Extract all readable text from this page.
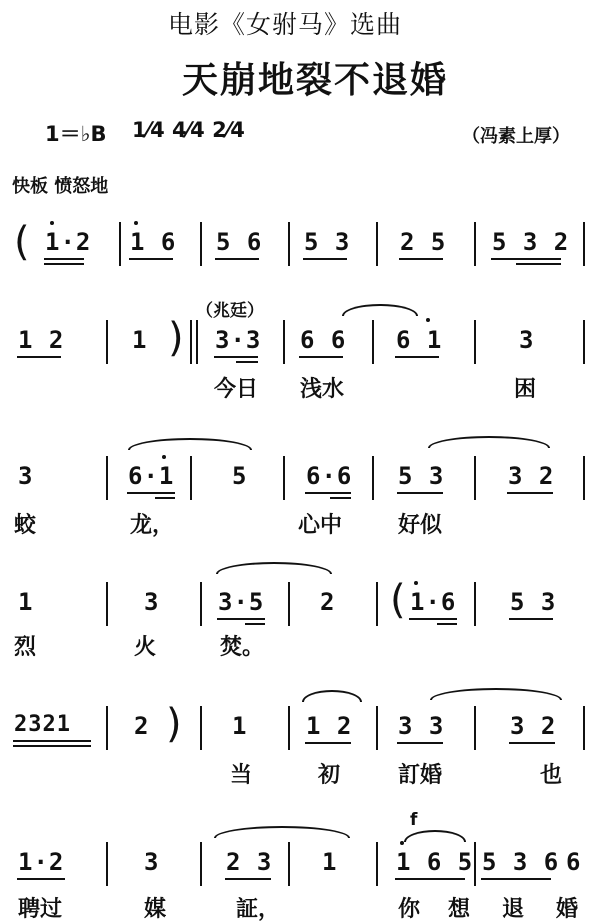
电影《女驸马》选曲
天崩地裂不退婚
1＝♭B 1⁄4 4⁄4 2⁄4	（冯素上厚）
快板 愤怒地
( 1·2 1 6 5 6 5 3 2 5 5 3 2
1 2	1 )
（兆廷）
3·3 6 6 6 1	3
今日 浅水	困
3	6·1 5 6·6 5 3	3 2
蛟	龙，	心中	好似
1	3 3·5 2 ( 1·6 5 3
烈	火	焚。
2321	2 ) 1 1 2 3 3	3 2
当	初	訂婚	也
1·2	3	2 3 1
f
1 6 5 5 3 6 6
聘过	媒	証，	你 想 退 婚
